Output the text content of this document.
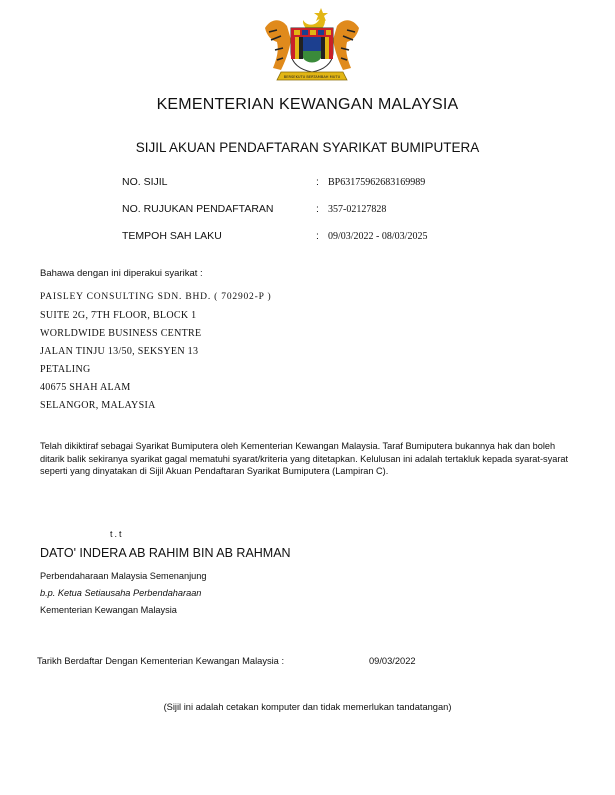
BERSEKUTU BERTAMBAH MUTU
KEMENTERIAN KEWANGAN MALAYSIA
SIJIL AKUAN PENDAFTARAN SYARIKAT BUMIPUTERA
NO. SIJIL	: BP63175962683169989
NO. RUJUKAN PENDAFTARAN	: 357-02127828
TEMPOH SAH LAKU	: 09/03/2022 - 08/03/2025
Bahawa dengan ini diperakui syarikat :
PAISLEY CONSULTING SDN. BHD. ( 702902-P )
SUITE 2G, 7TH FLOOR, BLOCK 1
WORLDWIDE BUSINESS CENTRE
JALAN TINJU 13/50, SEKSYEN 13
PETALING
40675 SHAH ALAM
SELANGOR, MALAYSIA
Telah dikiktiraf sebagai Syarikat Bumiputera oleh Kementerian Kewangan Malaysia. Taraf Bumiputera bukannya hak dan boleh ditarik balik sekiranya syarikat gagal mematuhi syarat/kriteria yang ditetapkan. Kelulusan ini adalah tertakluk kepada syarat-syarat seperti yang dinyatakan di Sijil Akuan Pendaftaran Syarikat Bumiputera (Lampiran C).
t.t
DATO' INDERA AB RAHIM BIN AB RAHMAN
Perbendaharaan Malaysia Semenanjung
b.p. Ketua Setiausaha Perbendaharaan
Kementerian Kewangan Malaysia
Tarikh Berdaftar Dengan Kementerian Kewangan Malaysia :	09/03/2022
(Sijil ini adalah cetakan komputer dan tidak memerlukan tandatangan)
